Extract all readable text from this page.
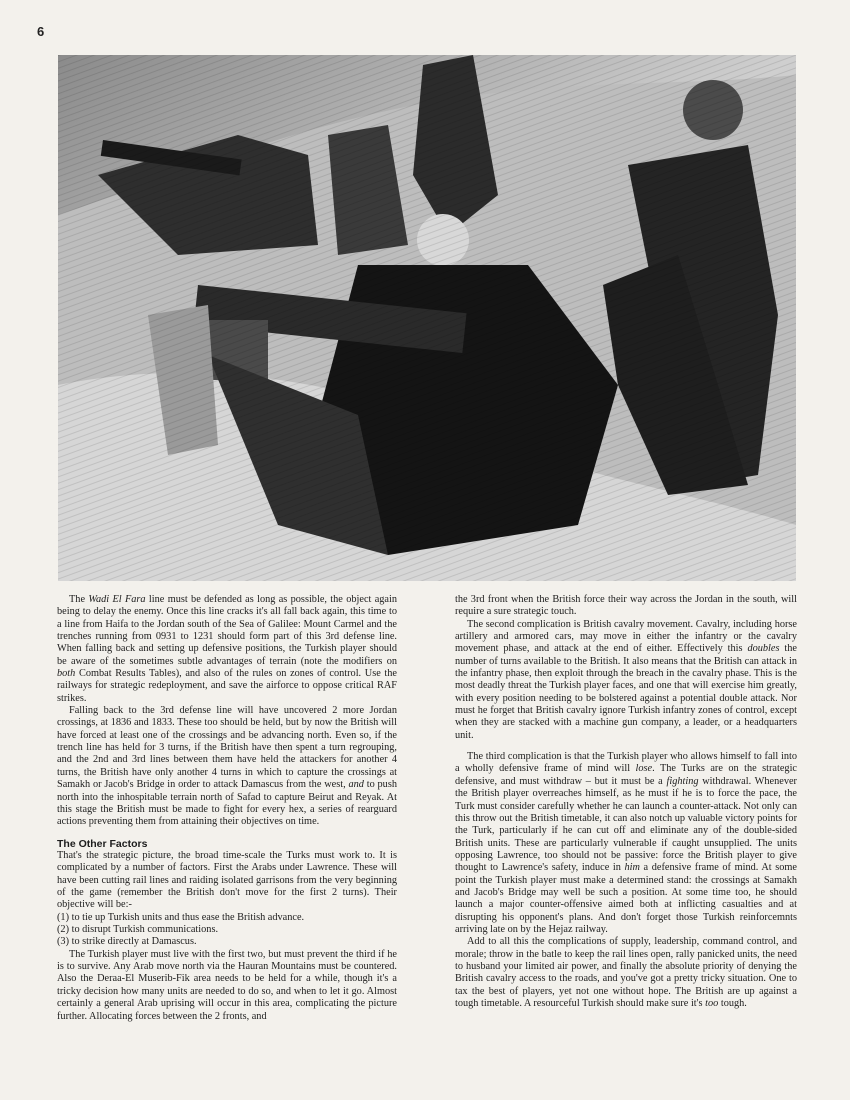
6

The Wadi El Fara line must be defended as long as possible, the object again being to delay the enemy. Once this line cracks it's all fall back again, this time to a line from Haifa to the Jordan south of the Sea of Galilee: Mount Carmel and the trenches running from 0931 to 1231 should form part of this 3rd defense line. When falling back and setting up defensive positions, the Turkish player should be aware of the sometimes subtle advantages of terrain (note the modifiers on both Combat Results Tables), and also of the rules on zones of control. Use the railways for strategic redeployment, and save the airforce to oppose critical RAF strikes.

Falling back to the 3rd defense line will have uncovered 2 more Jordan crossings, at 1836 and 1833. These too should be held, but by now the British will have forced at least one of the crossings and be advancing north. Even so, if the trench line has held for 3 turns, if the British have then spent a turn regrouping, and the 2nd and 3rd lines between them have held the attackers for another 4 turns, the British have only another 4 turns in which to capture the crossings at Samakh or Jacob's Bridge in order to attack Damascus from the west, and to push north into the inhospitable terrain north of Safad to capture Beirut and Reyak. At this stage the British must be made to fight for every hex, a series of rearguard actions preventing them from attaining their objectives on time.

The Other Factors

That's the strategic picture, the broad time-scale the Turks must work to. It is complicated by a number of factors. First the Arabs under Lawrence. These will have been cutting rail lines and raiding isolated garrisons from the very beginning of the game (remember the British don't move for the first 2 turns). Their objective will be:-

(1) to tie up Turkish units and thus ease the British advance.

(2) to disrupt Turkish communications.

(3) to strike directly at Damascus.

The Turkish player must live with the first two, but must prevent the third if he is to survive. Any Arab move north via the Hauran Mountains must be countered. Also the Deraa-El Muserib-Fik area needs to be held for a while, though it's a tricky decision how many units are needed to do so, and when to let it go. Almost certainly a general Arab uprising will occur in this area, complicating the picture further. Allocating forces between the 2 fronts, and

the 3rd front when the British force their way across the Jordan in the south, will require a sure strategic touch.

The second complication is British cavalry movement. Cavalry, including horse artillery and armored cars, may move in either the infantry or the cavalry movement phase, and attack at the end of either. Effectively this doubles the number of turns available to the British. It also means that the British can attack in the infantry phase, then exploit through the breach in the cavalry phase. This is the most deadly threat the Turkish player faces, and one that will exercise him greatly, with every position needing to be bolstered against a potential double attack. Nor must he forget that British cavalry ignore Turkish infantry zones of control, except when they are stacked with a machine gun company, a leader, or a headquarters unit.

The third complication is that the Turkish player who allows himself to fall into a wholly defensive frame of mind will lose. The Turks are on the strategic defensive, and must withdraw – but it must be a fighting withdrawal. Whenever the British player overreaches himself, as he must if he is to force the pace, the Turk must consider carefully whether he can launch a counter-attack. Not only can this throw out the British timetable, it can also notch up valuable victory points for the Turk, particularly if he can cut off and eliminate any of the double-sided British units. These are particularly vulnerable if caught unsupplied. The units opposing Lawrence, too should not be passive: force the British player to give thought to Lawrence's safety, induce in him a defensive frame of mind. At some point the Turkish player must make a determined stand: the crossings at Samakh and Jacob's Bridge may well be such a position. At some time too, he should launch a major counter-offensive aimed both at inflicting casualties and at disrupting his opponent's plans. And don't forget those Turkish reinforcemnts arriving late on by the Hejaz railway.

Add to all this the complications of supply, leadership, command control, and morale; throw in the batle to keep the rail lines open, rally panicked units, the need to husband your limited air power, and finally the absolute priority of denying the British cavalry access to the roads, and you've got a pretty tricky situation. One to tax the best of players, yet not one without hope. The British are up against a tough timetable. A resourceful Turkish should make sure it's too tough.
